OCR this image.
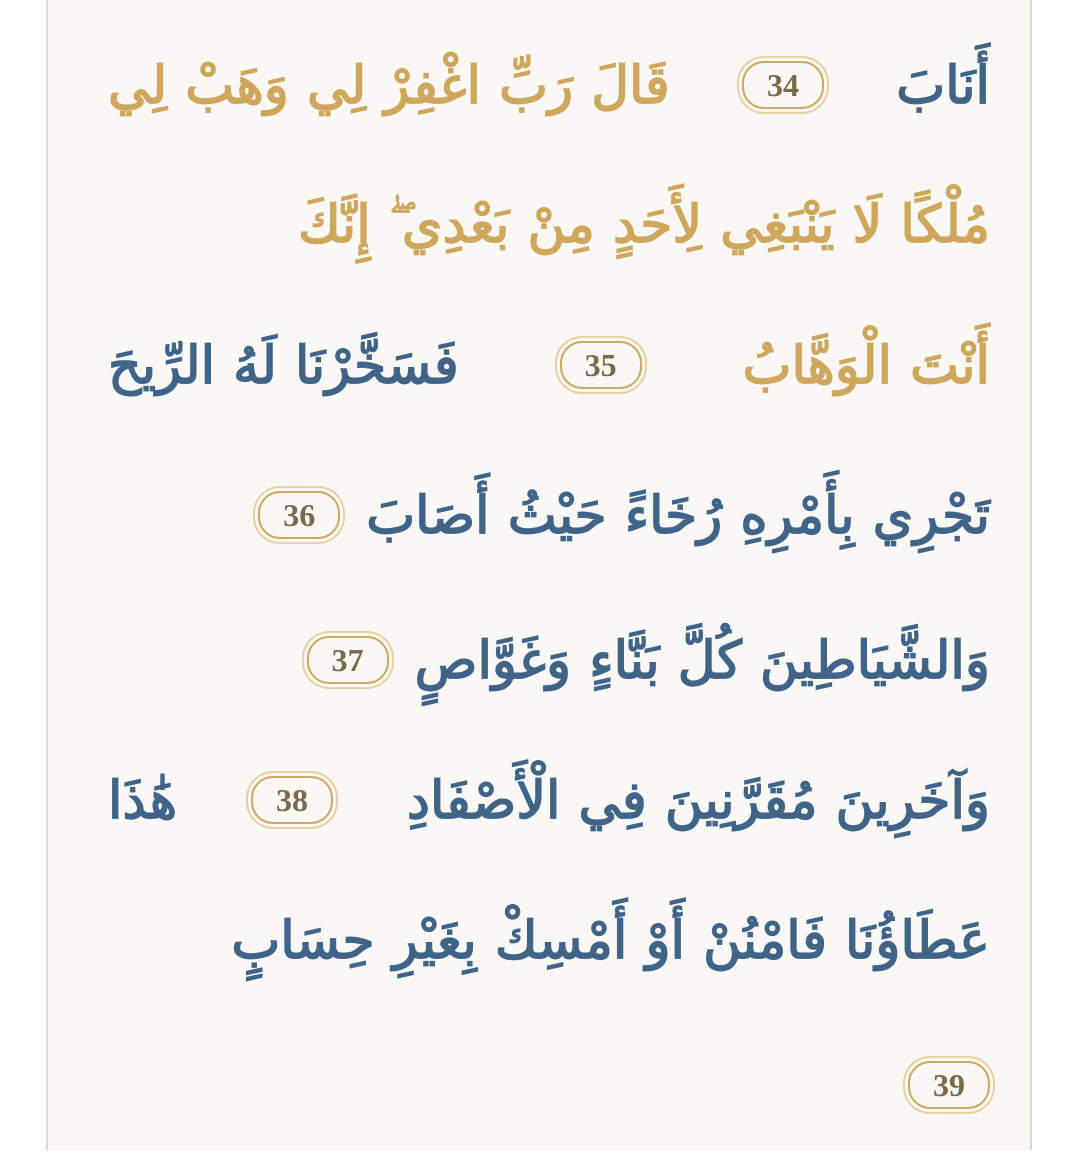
أَنَابَ
34
قَالَ رَبِّ اغْفِرْ لِي وَهَبْ لِي
مُلْكًا لَا يَنْبَغِي لِأَحَدٍ مِنْ بَعْدِي ۖ إِنَّكَ
أَنْتَ الْوَهَّابُ
35
فَسَخَّرْنَا لَهُ الرِّيحَ
تَجْرِي بِأَمْرِهِ رُخَاءً حَيْثُ أَصَابَ
36
وَالشَّيَاطِينَ كُلَّ بَنَّاءٍ وَغَوَّاصٍ
37
وَآخَرِينَ مُقَرَّنِينَ فِي الْأَصْفَادِ
38
هَٰذَا
عَطَاؤُنَا فَامْنُنْ أَوْ أَمْسِكْ بِغَيْرِ حِسَابٍ
39
